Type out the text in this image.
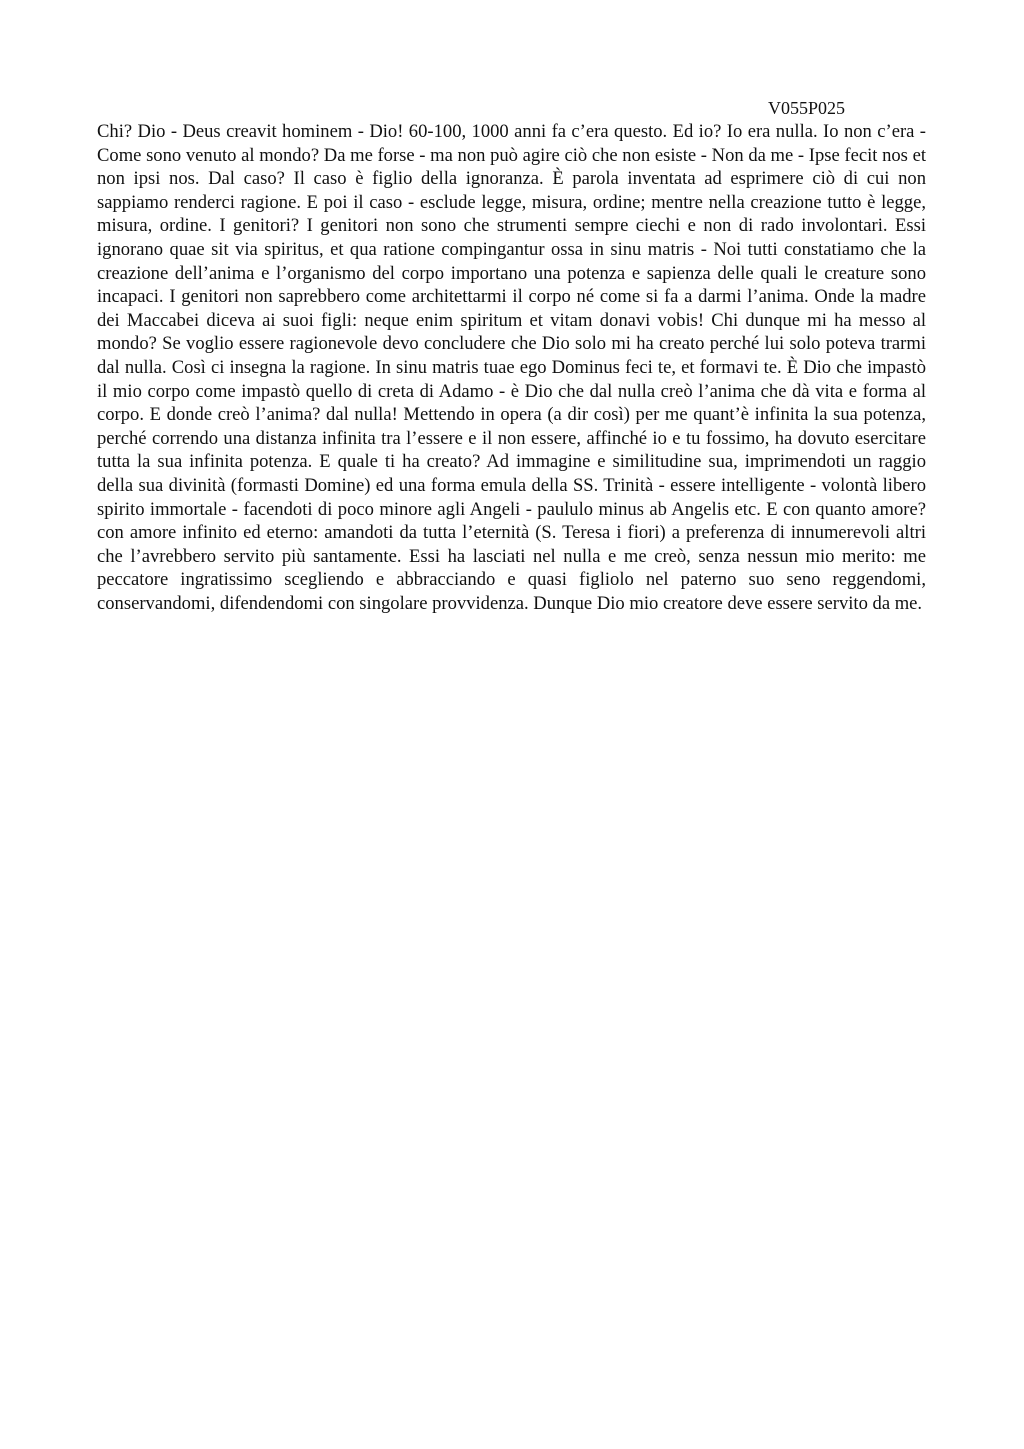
V055P025

Chi? Dio - Deus creavit hominem - Dio! 60-100, 1000 anni fa c’era questo. Ed io? Io era nulla. Io non c’era - Come sono venuto al mondo? Da me forse - ma non può agire ciò che non esiste - Non da me - Ipse fecit nos et non ipsi nos. Dal caso? Il caso è figlio della ignoranza. È parola inventata ad esprimere ciò di cui non sappiamo renderci ragione. E poi il caso - esclude legge, misura, ordine; mentre nella creazione tutto è legge, misura, ordine. I genitori? I genitori non sono che strumenti sempre ciechi e non di rado involontari. Essi ignorano quae sit via spiritus, et qua ratione compingantur ossa in sinu matris - Noi tutti constatiamo che la creazione dell’anima e l’organismo del corpo importano una potenza e sapienza delle quali le creature sono incapaci. I genitori non saprebbero come architettarmi il corpo né come si fa a darmi l’anima. Onde la madre dei Maccabei diceva ai suoi figli: neque enim spiritum et vitam donavi vobis! Chi dunque mi ha messo al mondo? Se voglio essere ragionevole devo concludere che Dio solo mi ha creato perché lui solo poteva trarmi dal nulla. Così ci insegna la ragione. In sinu matris tuae ego Dominus feci te, et formavi te. È Dio che impastò il mio corpo come impastò quello di creta di Adamo - è Dio che dal nulla creò l’anima che dà vita e forma al corpo. E donde creò l’anima? dal nulla! Mettendo in opera (a dir così) per me quant’è infinita la sua potenza, perché correndo una distanza infinita tra l’essere e il non essere, affinché io e tu fossimo, ha dovuto esercitare tutta la sua infinita potenza. E quale ti ha creato? Ad immagine e similitudine sua, imprimendoti un raggio della sua divinità (formasti Domine) ed una forma emula della SS. Trinità - essere intelligente - volontà libero spirito immortale - facendoti di poco minore agli Angeli - paululo minus ab Angelis etc. E con quanto amore? con amore infinito ed eterno: amandoti da tutta l’eternità (S. Teresa i fiori) a preferenza di innumerevoli altri che l’avrebbero servito più santamente. Essi ha lasciati nel nulla e me creò, senza nessun mio merito: me peccatore ingratissimo scegliendo e abbracciando e quasi figliolo nel paterno suo seno reggendomi, conservandomi, difendendomi con singolare provvidenza. Dunque Dio mio creatore deve essere servito da me.
